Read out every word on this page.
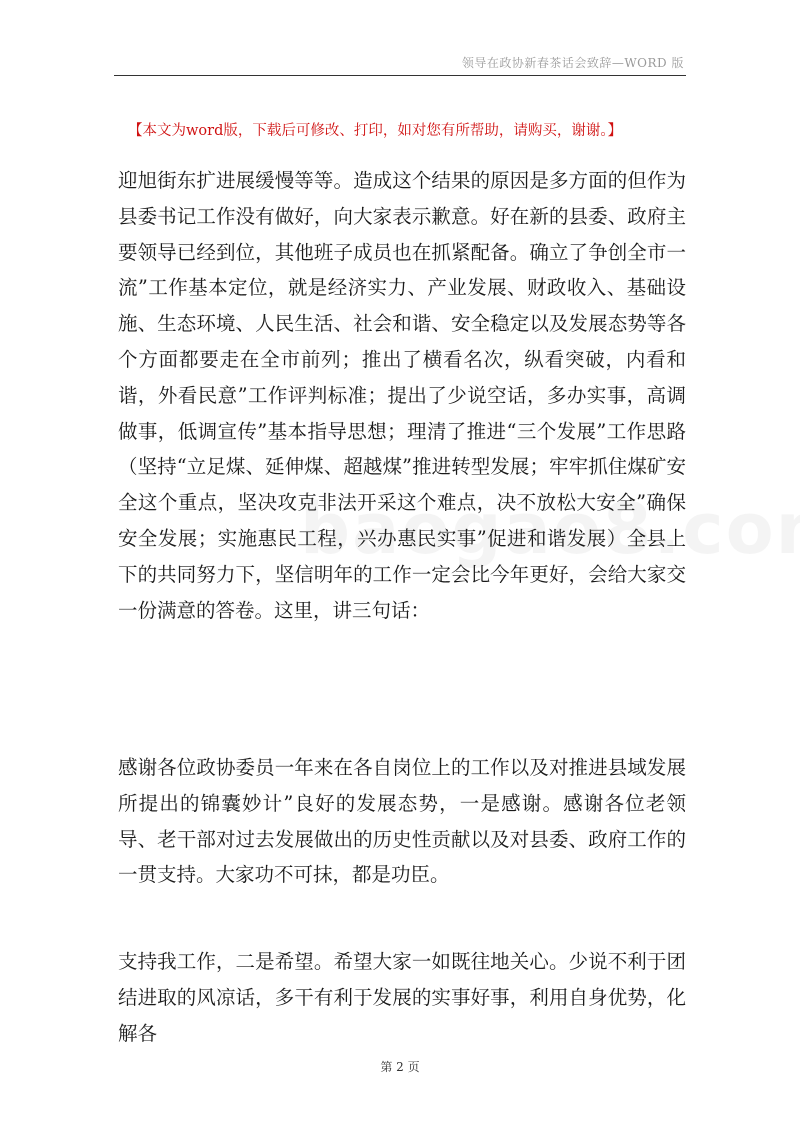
领导在政协新春茶话会致辞—WORD 版
【本文为word版，下载后可修改、打印，如对您有所帮助，请购买，谢谢。】

迎旭街东扩进展缓慢等等。造成这个结果的原因是多方面的但作为县委书记工作没有做好，向大家表示歉意。好在新的县委、政府主要领导已经到位，其他班子成员也在抓紧配备。确立了争创全市一流”工作基本定位，就是经济实力、产业发展、财政收入、基础设施、生态环境、人民生活、社会和谐、安全稳定以及发展态势等各个方面都要走在全市前列；推出了横看名次，纵看突破，内看和谐，外看民意”工作评判标准；提出了少说空话，多办实事，高调做事，低调宣传”基本指导思想；理清了推进“三个发展”工作思路（坚持“立足煤、延伸煤、超越煤”推进转型发展；牢牢抓住煤矿安全这个重点，坚决攻克非法开采这个难点，决不放松大安全”确保安全发展；实施惠民工程，兴办惠民实事”促进和谐发展）全县上下的共同努力下，坚信明年的工作一定会比今年更好，会给大家交一份满意的答卷。这里，讲三句话：

感谢各位政协委员一年来在各自岗位上的工作以及对推进县域发展所提出的锦囊妙计”良好的发展态势，一是感谢。感谢各位老领导、老干部对过去发展做出的历史性贡献以及对县委、政府工作的一贯支持。大家功不可抹，都是功臣。

支持我工作，二是希望。希望大家一如既往地关心。少说不利于团结进取的风凉话，多干有利于发展的实事好事，利用自身优势，化解各

第 2 页
